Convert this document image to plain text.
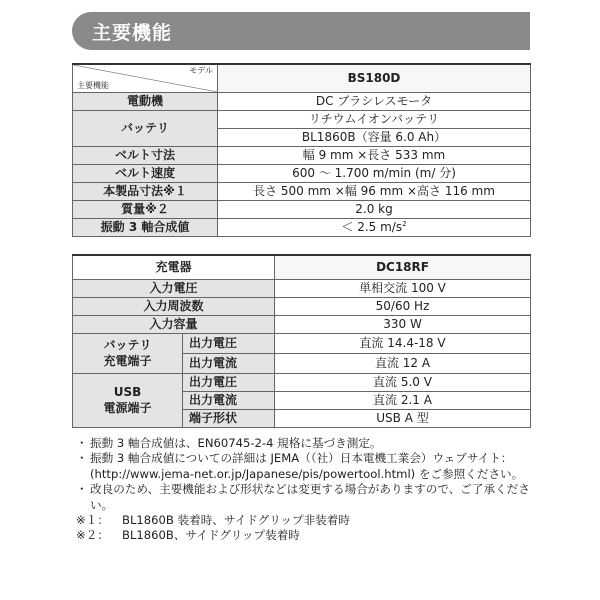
主要機能
モデル
主要機能	BS180D
電動機	DC ブラシレスモータ
バッテリ	リチウムイオンバッテリ
	BL1860B（容量 6.0 Ah）
ベルト寸法	幅 9 mm ×長さ 533 mm
ベルト速度	600 ～ 1.700 m/min (m/ 分)
本製品寸法※１	長さ 500 mm ×幅 96 mm ×高さ 116 mm
質量※２	2.0 kg
振動 3 軸合成値	＜ 2.5 $m/s^2$
充電器		DC18RF
入力電圧		単相交流 100 V
入力周波数		50/60 Hz
入力容量		330 W
バッテリ
充電端子	出力電圧	直流 14.4-18 V
	出力電流	直流 12 A
USB
電源端子	出力電圧	直流 5.0 V
	出力電流	直流 2.1 A
	端子形状	USB A 型
・ 振動 3 軸合成値は、EN60745-2-4 規格に基づき測定。
・ 振動 3 軸合成値についての詳細は JEMA（（社）日本電機工業会）ウェブサイト：(http://www.jema-net.or.jp/Japanese/pis/powertool.html) をご参照ください。
・ 改良のため、主要機能および形状などは変更する場合がありますので、ご了承ください。
※１：	BL1860B 装着時、サイドグリップ非装着時
※２：	BL1860B、サイドグリップ装着時
